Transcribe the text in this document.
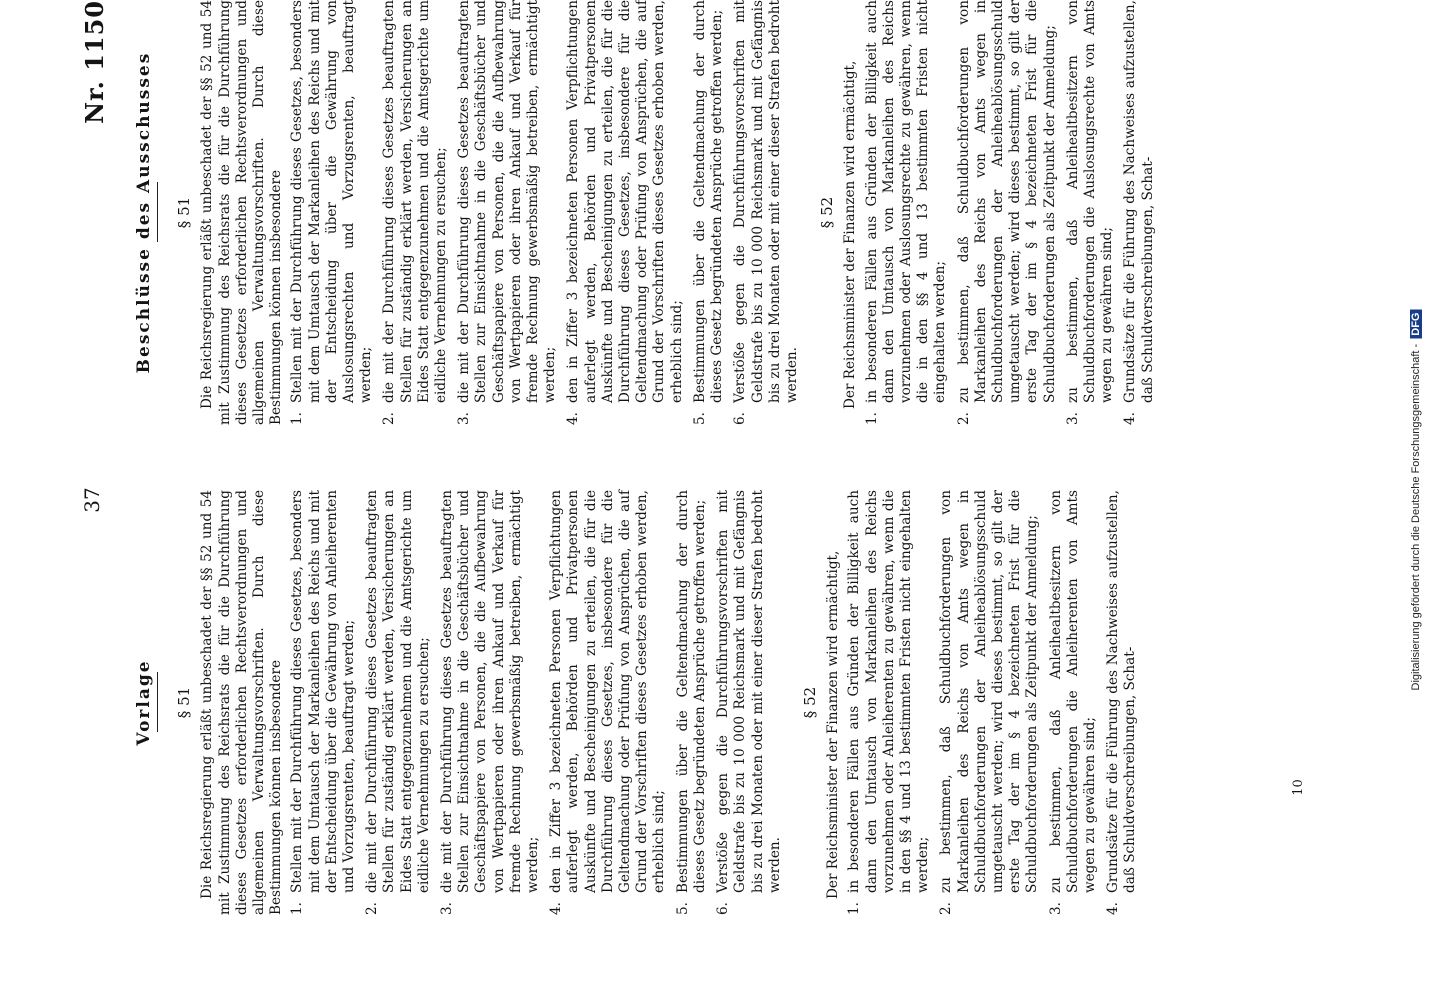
37
Nr. 1150
Vorlage § 51 Die Reichsregierung erläßt unbeschadet der §§ 52 und 54 mit Zustimmung des Reichsrats die für die Durchführung dieses Gesetzes erforderlichen Rechtsverordnungen und allgemeinen Verwaltungsvorschriften. Durch diese Bestimmungen können insbesondere 1.
Stellen mit der Durchführung dieses Gesetzes, besonders mit dem Umtausch der Markanleihen des Reichs und mit der Entscheidung über die Gewährung von Anleiherenten und Vorzugsrenten, beauftragt werden;
2.
die mit der Durchführung dieses Gesetzes beauftragten Stellen für zuständig erklärt werden, Versicherungen an Eides Statt entgegenzunehmen und die Amtsgerichte um eidliche Vernehmungen zu ersuchen;
3.
die mit der Durchführung dieses Gesetzes beauftragten Stellen zur Einsichtnahme in die Geschäftsbücher und Geschäftspapiere von Personen, die die Aufbewahrung von Wertpapieren oder ihren Ankauf und Verkauf für fremde Rechnung gewerbsmäßig betreiben, ermächtigt werden;
4.
den in Ziffer 3 bezeichneten Personen Verpflichtungen auferlegt werden, Behörden und Privatpersonen Auskünfte und Bescheinigungen zu erteilen, die für die Durchführung dieses Gesetzes, insbesondere für die Geltendmachung oder Prüfung von Ansprüchen, die auf Grund der Vorschriften dieses Gesetzes erhoben werden, erheblich sind;
5.
Bestimmungen über die Geltendmachung der durch dieses Gesetz begründeten Ansprüche getroffen werden;
6.
Verstöße gegen die Durchführungsvorschriften mit Geldstrafe bis zu 10 000 Reichsmark und mit Gefängnis bis zu drei Monaten oder mit einer dieser Strafen bedroht werden.
§ 52 Der Reichsminister der Finanzen wird ermächtigt,

1.
in besonderen Fällen aus Gründen der Billigkeit auch dann den Umtausch von Markanleihen des Reichs vorzunehmen oder Anleiherenten zu gewähren, wenn die in den §§ 4 und 13 bestimmten Fristen nicht eingehalten werden;
2.
zu bestimmen, daß Schuldbuchforderungen von Markanleihen des Reichs von Amts wegen in Schuldbuchforderungen der Anleiheablösungsschuld umgetauscht werden; wird dieses bestimmt, so gilt der erste Tag der im § 4 bezeichneten Frist für die Schuldbuchforderungen als Zeitpunkt der Anmeldung;
3.
zu bestimmen, daß Anleihealtbesitzern von Schuldbuchforderungen die Anleiherenten von Amts wegen zu gewähren sind;
4.
Grundsätze für die Führung des Nachweises aufzustellen, daß Schuldverschreibungen, Schat-
Beschlüsse des Ausschusses § 51 Die Reichsregierung erläßt unbeschadet der §§ 52 und 54 mit Zustimmung des Reichsrats die für die Durchführung dieses Gesetzes erforderlichen Rechtsverordnungen und allgemeinen Verwaltungsvorschriften. Durch diese Bestimmungen können insbesondere 1.
Stellen mit der Durchführung dieses Gesetzes, besonders mit dem Umtausch der Markanleihen des Reichs und mit der Entscheidung über die Gewährung von Auslosungsrechten und Vorzugsrenten, beauftragt werden;
2.
die mit der Durchführung dieses Gesetzes beauftragten Stellen für zuständig erklärt werden, Versicherungen an Eides Statt entgegenzunehmen und die Amtsgerichte um eidliche Vernehmungen zu ersuchen;
3.
die mit der Durchführung dieses Gesetzes beauftragten Stellen zur Einsichtnahme in die Geschäftsbücher und Geschäftspapiere von Personen, die die Aufbewahrung von Wertpapieren oder ihren Ankauf und Verkauf für fremde Rechnung gewerbsmäßig betreiben, ermächtigt werden;
4.
den in Ziffer 3 bezeichneten Personen Verpflichtungen auferlegt werden, Behörden und Privatpersonen Auskünfte und Bescheinigungen zu erteilen, die für die Durchführung dieses Gesetzes, insbesondere für die Geltendmachung oder Prüfung von Ansprüchen, die auf Grund der Vorschriften dieses Gesetzes erhoben werden, erheblich sind;
5.
Bestimmungen über die Geltendmachung der durch dieses Gesetz begründeten Ansprüche getroffen werden;
6.
Verstöße gegen die Durchführungsvorschriften mit Geldstrafe bis zu 10 000 Reichsmark und mit Gefängnis bis zu drei Monaten oder mit einer dieser Strafen bedroht werden.
§ 52 Der Reichsminister der Finanzen wird ermächtigt,

1.
in besonderen Fällen aus Gründen der Billigkeit auch dann den Umtausch von Markanleihen des Reichs vorzunehmen oder Auslosungsrechte zu gewähren, wenn die in den §§ 4 und 13 bestimmten Fristen nicht eingehalten werden;
2.
zu bestimmen, daß Schuldbuchforderungen von Markanleihen des Reichs von Amts wegen in Schuldbuchforderungen der Anleiheablösungsschuld umgetauscht werden; wird dieses bestimmt, so gilt der erste Tag der im § 4 bezeichneten Frist für die Schuldbuchforderungen als Zeitpunkt der Anmeldung;
3.
zu bestimmen, daß Anleihealtbesitzern von Schuldbuchforderungen die Auslosungsrechte von Amts wegen zu gewähren sind;
4.
Grundsätze für die Führung des Nachweises aufzustellen, daß Schuldverschreibungen, Schat-
10
Digitalisierung gefördert durch die Deutsche Forschungsgemeinschaft - DFG
